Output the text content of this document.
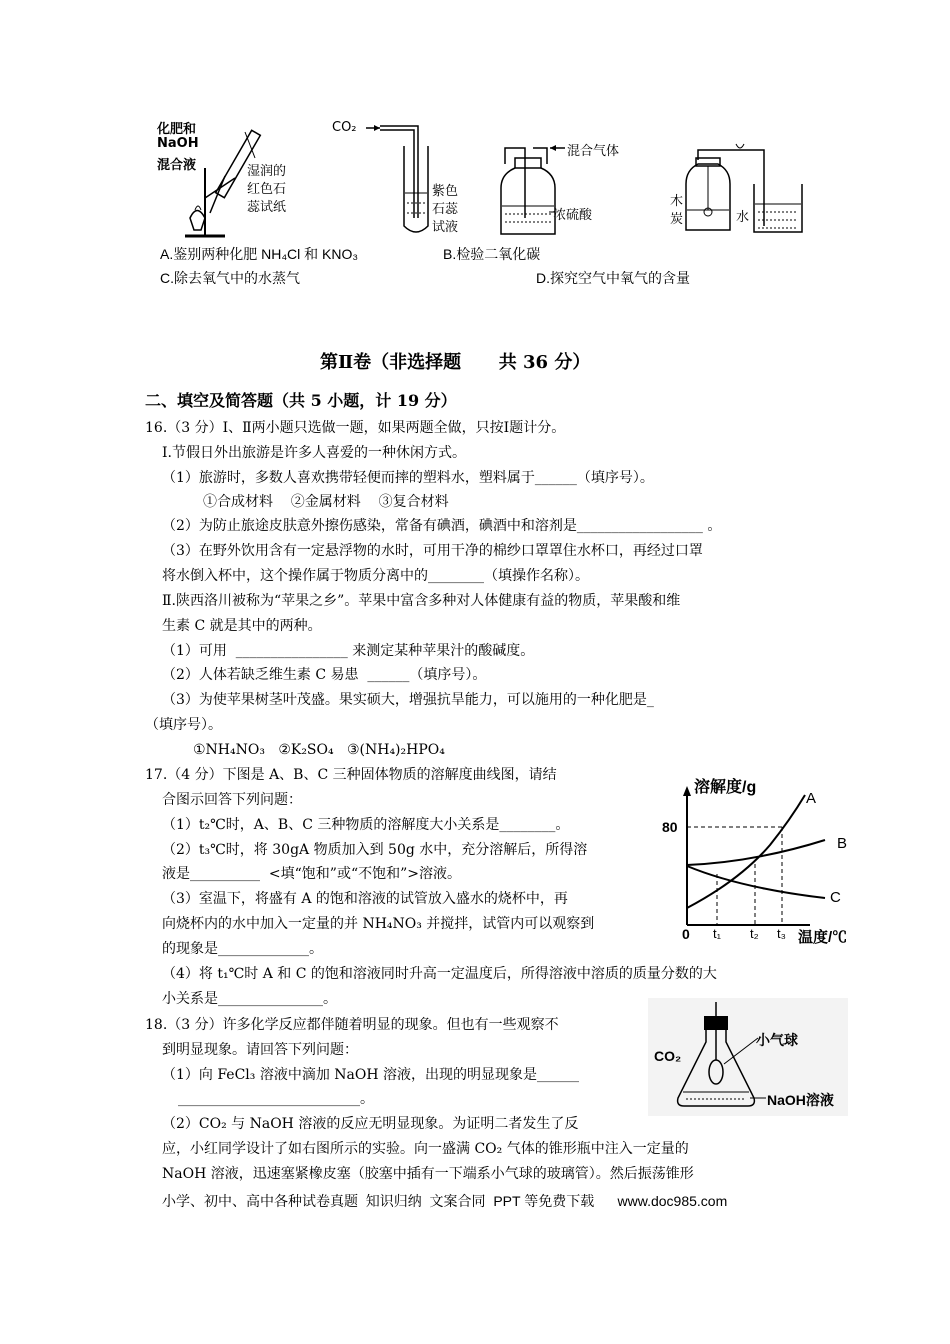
化肥和
NaOH
混合液	湿润的
红色石
蕊试纸
CO₂
紫色
石蕊
试液
混合气体
浓硫酸
木
炭	水
A.鉴别两种化肥 NH₄Cl 和 KNO₃	B.检验二氧化碳
C.除去氧气中的水蒸气	D.探究空气中氧气的含量
第Ⅱ卷（非选择题      共 36 分）
二、填空及简答题（共 5 小题，计 19 分）
16.（3 分）Ⅰ、Ⅱ两小题只选做一题，如果两题全做，只按Ⅰ题计分。
Ⅰ.节假日外出旅游是许多人喜爱的一种休闲方式。
（1）旅游时，多数人喜欢携带轻便而摔的塑料水，塑料属于______（填序号）。
①合成材料    ②金属材料    ③复合材料
（2）为防止旅途皮肤意外擦伤感染，常备有碘酒，碘酒中和溶剂是__________________ 。
（3）在野外饮用含有一定悬浮物的水时，可用干净的棉纱口罩罩住水杯口，再经过口罩
将水倒入杯中，这个操作属于物质分离中的________（填操作名称）。
Ⅱ.陕西洛川被称为“苹果之乡”。苹果中富含多种对人体健康有益的物质，苹果酸和维
生素 C 就是其中的两种。
（1）可用  ________________ 来测定某种苹果汁的酸碱度。
（2）人体若缺乏维生素 C 易患  ______（填序号）。
（3）为使苹果树茎叶茂盛。果实硕大，增强抗旱能力，可以施用的一种化肥是_
（填序号）。
①NH₄NO₃   ②K₂SO₄   ③(NH₄)₂HPO₄
17.（4 分）下图是 A、B、C 三种固体物质的溶解度曲线图，请结
合图示回答下列问题：
（1）t₂℃时，A、B、C 三种物质的溶解度大小关系是________。
（2）t₃℃时，将 30gA 物质加入到 50g 水中，充分溶解后，所得溶
液是__________  <填“饱和”或“不饱和”>溶液。
（3）室温下，将盛有 A 的饱和溶液的试管放入盛水的烧杯中，再
向烧杯内的水中加入一定量的并 NH₄NO₃ 并搅拌，试管内可以观察到
的现象是_____________。
（4）将 t₁℃时 A 和 C 的饱和溶液同时升高一定温度后，所得溶液中溶质的质量分数的大
小关系是_______________。
溶解度/g
温度/℃
80
0 t₁ t₂ t₃
A
B
C
18.（3 分）许多化学反应都伴随着明显的现象。但也有一些观察不
到明显现象。请回答下列问题：
（1）向 FeCl₃ 溶液中滴加 NaOH 溶液，出现的明显现象是______
__________________________。
（2）CO₂ 与 NaOH 溶液的反应无明显现象。为证明二者发生了反
应，小红同学设计了如右图所示的实验。向一盛满 CO₂ 气体的锥形瓶中注入一定量的
NaOH 溶液，迅速塞紧橡皮塞（胶塞中插有一下端系小气球的玻璃管）。然后振荡锥形
CO₂
小气球
NaOH溶液
小学、初中、高中各种试卷真题  知识归纳  文案合同  PPT 等免费下载      www.doc985.com
